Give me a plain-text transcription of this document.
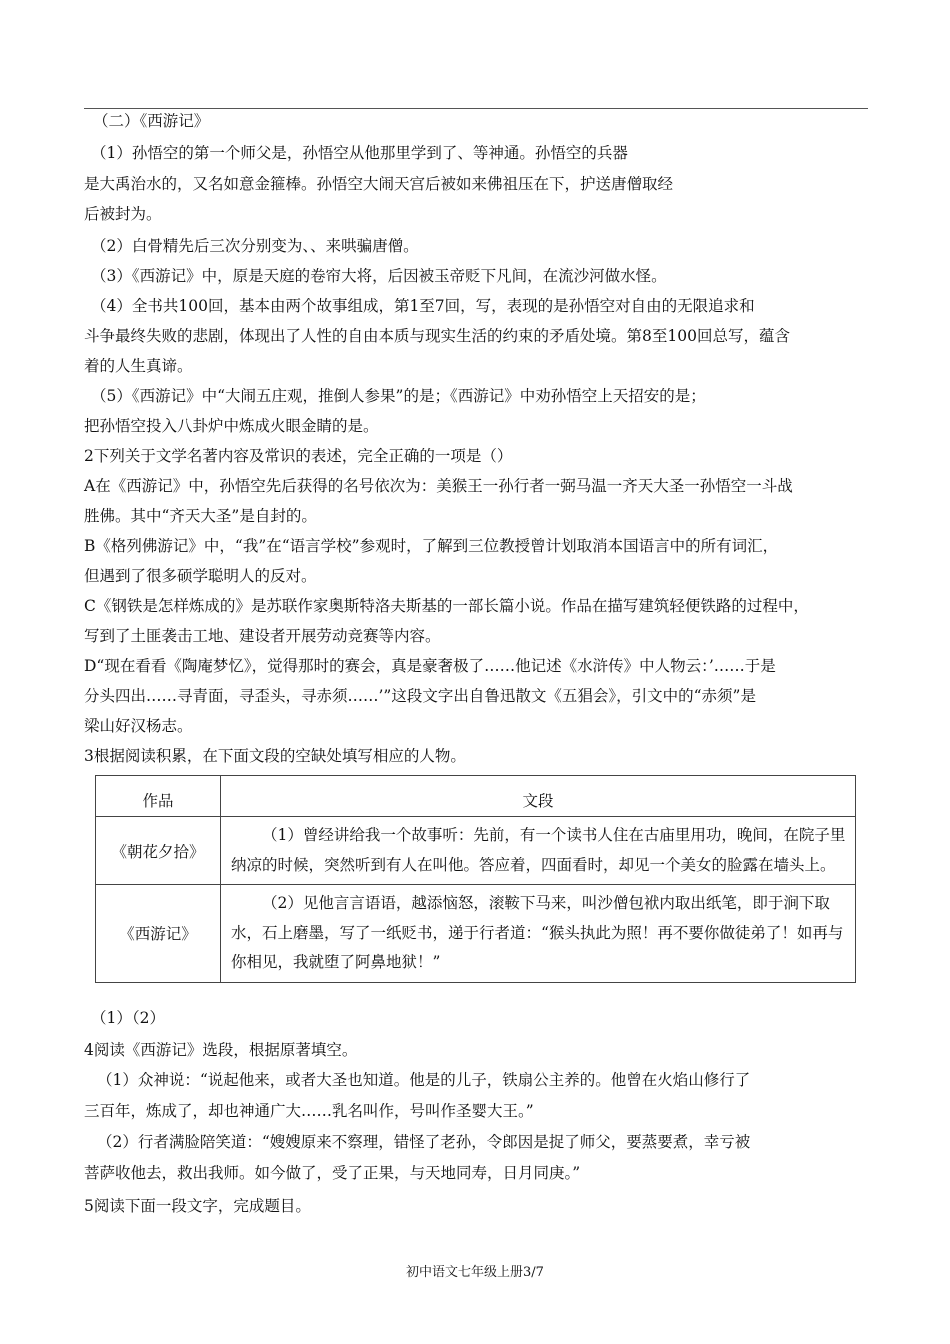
（二）《西游记》
（1）孙悟空的第一个师父是，孙悟空从他那里学到了、等神通。孙悟空的兵器
是大禹治水的，又名如意金箍棒。孙悟空大闹天宫后被如来佛祖压在下，护送唐僧取经
后被封为。
（2）白骨精先后三次分别变为、、来哄骗唐僧。
（3）《西游记》中，原是天庭的卷帘大将，后因被玉帝贬下凡间，在流沙河做水怪。
（4）全书共100回，基本由两个故事组成，第1至7回，写，表现的是孙悟空对自由的无限追求和
斗争最终失败的悲剧，体现出了人性的自由本质与现实生活的约束的矛盾处境。第8至100回总写，蕴含
着的人生真谛。
（5）《西游记》中“大闹五庄观，推倒人参果”的是；《西游记》中劝孙悟空上天招安的是；
把孙悟空投入八卦炉中炼成火眼金睛的是。
2下列关于文学名著内容及常识的表述，完全正确的一项是（）
A在《西游记》中，孙悟空先后获得的名号依次为：美猴王一孙行者一弼马温一齐天大圣一孙悟空一斗战
胜佛。其中“齐天大圣”是自封的。
B《格列佛游记》中，“我”在“语言学校”参观时，了解到三位教授曾计划取消本国语言中的所有词汇，
但遇到了很多硕学聪明人的反对。
C《钢铁是怎样炼成的》是苏联作家奥斯特洛夫斯基的一部长篇小说。作品在描写建筑轻便铁路的过程中，
写到了土匪袭击工地、建设者开展劳动竞赛等内容。
D“现在看看《陶庵梦忆》，觉得那时的赛会，真是豪奢极了……他记述《水浒传》中人物云：’……于是
分头四出……寻青面，寻歪头，寻赤须……’”这段文字出自鲁迅散文《五猖会》，引文中的“赤须”是
梁山好汉杨志。
3根据阅读积累，在下面文段的空缺处填写相应的人物。
（1）（2）
4阅读《西游记》选段，根据原著填空。
（1）众神说：“说起他来，或者大圣也知道。他是的儿子，铁扇公主养的。他曾在火焰山修行了
三百年，炼成了，却也神通广大……乳名叫作，号叫作圣婴大王。”
（2）行者满脸陪笑道：“嫂嫂原来不察理，错怪了老孙，令郎因是捉了师父，要蒸要煮，幸亏被
菩萨收他去，救出我师。如今做了，受了正果，与天地同寿，日月同庚。”
5阅读下面一段文字，完成题目。
作品	文段
《朝花夕拾》	（1）曾经讲给我一个故事听：先前，有一个读书人住在古庙里用功，晚间，在院子里纳凉的时候，突然听到有人在叫他。答应着，四面看时，却见一个美女的脸露在墙头上。
《西游记》	（2）见他言言语语，越添恼怒，滚鞍下马来，叫沙僧包袱内取出纸笔，即于涧下取水，石上磨墨，写了一纸贬书，递于行者道：“猴头执此为照！再不要你做徒弟了！如再与你相见，我就堕了阿鼻地狱！”
初中语文七年级上册3/7
